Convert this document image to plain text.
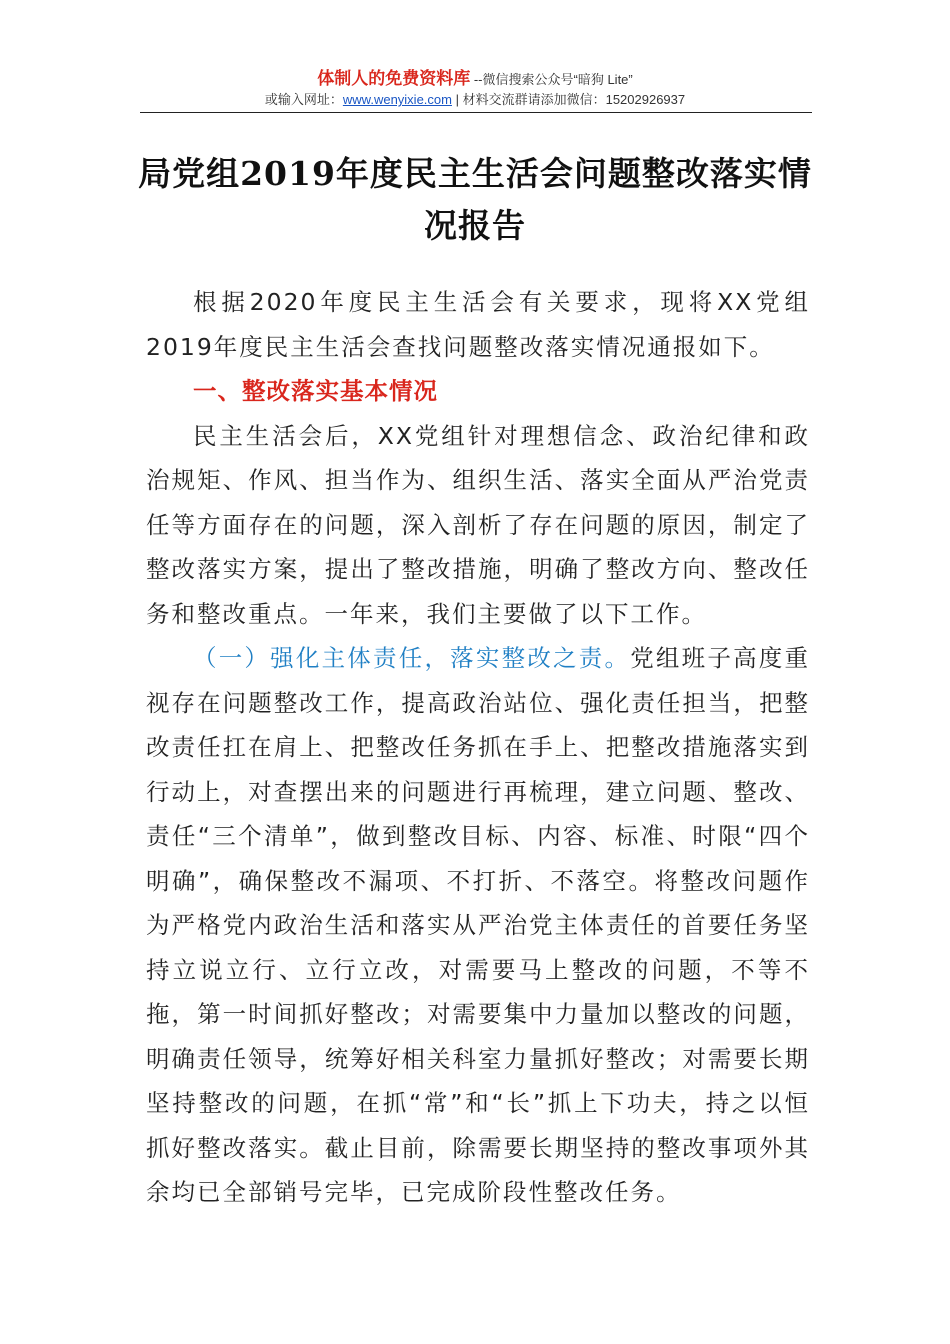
体制人的免费资料库 --微信搜索公众号“暗狗 Lite”
或输入网址：www.wenyixie.com | 材料交流群请添加微信：15202926937
局党组2019年度民主生活会问题整改落实情况报告

根据2020年度民主生活会有关要求，现将XX党组2019年度民主生活会查找问题整改落实情况通报如下。

一、整改落实基本情况

民主生活会后，XX党组针对理想信念、政治纪律和政治规矩、作风、担当作为、组织生活、落实全面从严治党责任等方面存在的问题，深入剖析了存在问题的原因，制定了整改落实方案，提出了整改措施，明确了整改方向、整改任务和整改重点。一年来，我们主要做了以下工作。

（一）强化主体责任，落实整改之责。党组班子高度重视存在问题整改工作，提高政治站位、强化责任担当，把整改责任扛在肩上、把整改任务抓在手上、把整改措施落实到行动上，对查摆出来的问题进行再梳理，建立问题、整改、责任“三个清单”，做到整改目标、内容、标准、时限“四个明确”，确保整改不漏项、不打折、不落空。将整改问题作为严格党内政治生活和落实从严治党主体责任的首要任务坚持立说立行、立行立改，对需要马上整改的问题，不等不拖，第一时间抓好整改；对需要集中力量加以整改的问题，明确责任领导，统筹好相关科室力量抓好整改；对需要长期坚持整改的问题，在抓“常”和“长”抓上下功夫，持之以恒抓好整改落实。截止目前，除需要长期坚持的整改事项外其余均已全部销号完毕，已完成阶段性整改任务。
